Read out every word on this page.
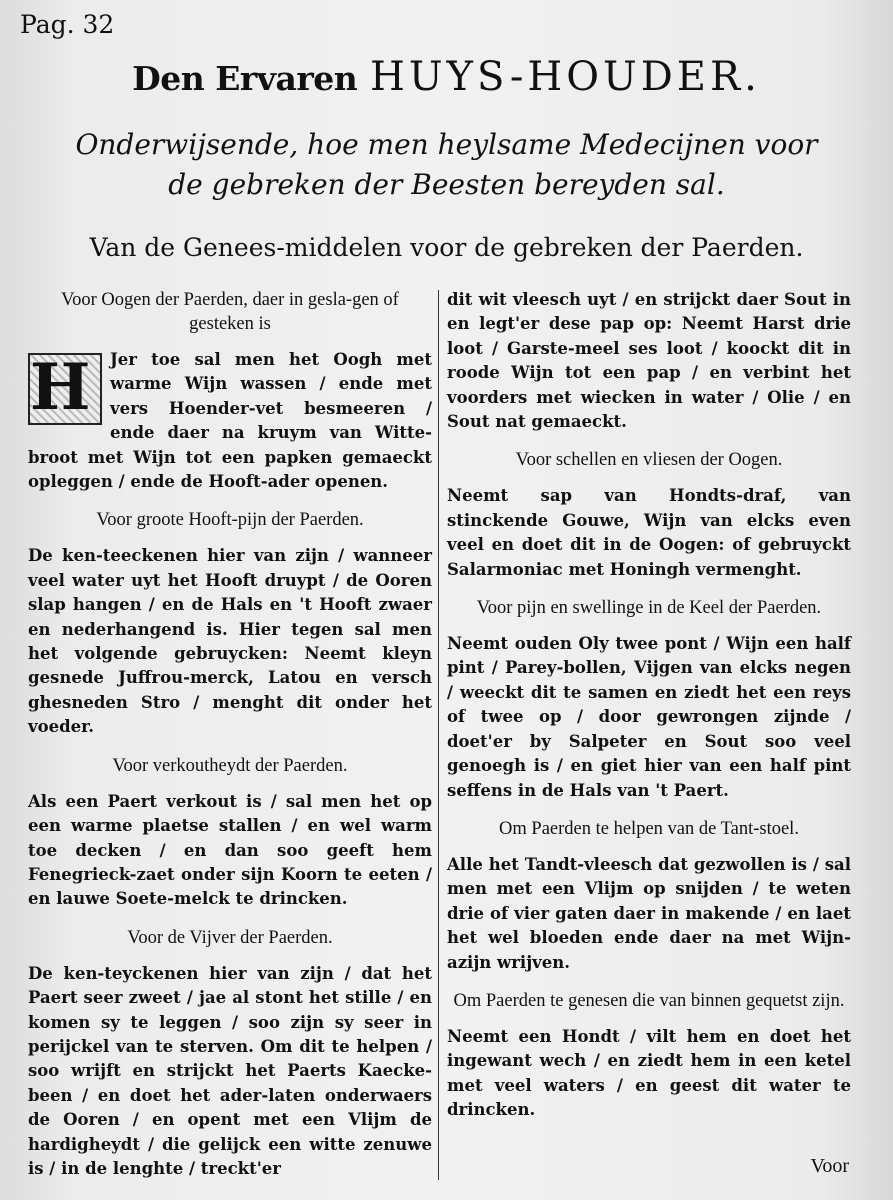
Pag. 32
Den Ervaren HUYS-HOUDER.
Onderwijsende, hoe men heylsame Medecijnen voor
de gebreken der Beesten bereyden sal.
Van de Genees-middelen voor de gebreken der Paerden.
Voor Oogen der Paerden, daer in gesla-gen of gesteken is
H	Jer toe sal men het Oogh met warme Wijn wassen / ende met vers Hoender-vet besmeeren / ende daer na kruym van Witte-broot met Wijn tot een papken gemaeckt opleggen / ende de Hooft-ader openen.
Voor groote Hooft-pijn der Paerden.
De ken-teeckenen hier van zijn / wanneer veel water uyt het Hooft druypt / de Ooren slap hangen / en de Hals en 't Hooft zwaer en nederhangend is. Hier tegen sal men het volgende gebruycken: Neemt kleyn gesnede Juffrou-merck, Latou en versch ghesneden Stro / menght dit onder het voeder.
Voor verkoutheydt der Paerden.
Als een Paert verkout is / sal men het op een warme plaetse stallen / en wel warm toe decken / en dan soo geeft hem Fenegrieck-zaet onder sijn Koorn te eeten / en lauwe Soete-melck te drincken.
Voor de Vijver der Paerden.
De ken-teyckenen hier van zijn / dat het Paert seer zweet / jae al stont het stille / en komen sy te leggen / soo zijn sy seer in perijckel van te sterven. Om dit te helpen / soo wrijft en strijckt het Paerts Kaecke-been / en doet het ader-laten onderwaers de Ooren / en opent met een Vlijm de hardigheydt / die gelijck een witte zenuwe is / in de lenghte / treckt'er
dit wit vleesch uyt / en strijckt daer Sout in en legt'er dese pap op: Neemt Harst drie loot / Garste-meel ses loot / koockt dit in roode Wijn tot een pap / en verbint het voorders met wiecken in water / Olie / en Sout nat gemaeckt.
Voor schellen en vliesen der Oogen.
Neemt sap van Hondts-draf, van stinckende Gouwe, Wijn van elcks even veel en doet dit in de Oogen: of gebruyckt Salarmoniac met Honingh vermenght.
Voor pijn en swellinge in de Keel der Paerden.
Neemt ouden Oly twee pont / Wijn een half pint / Parey-bollen, Vijgen van elcks negen / weeckt dit te samen en ziedt het een reys of twee op / door gewrongen zijnde / doet'er by Salpeter en Sout soo veel genoegh is / en giet hier van een half pint seffens in de Hals van 't Paert.
Om Paerden te helpen van de Tant-stoel.
Alle het Tandt-vleesch dat gezwollen is / sal men met een Vlijm op snijden / te weten drie of vier gaten daer in makende / en laet het wel bloeden ende daer na met Wijn-azijn wrijven.
Om Paerden te genesen die van binnen gequetst zijn.
Neemt een Hondt / vilt hem en doet het ingewant wech / en ziedt hem in een ketel met veel waters / en geest dit water te drincken.
Voor
